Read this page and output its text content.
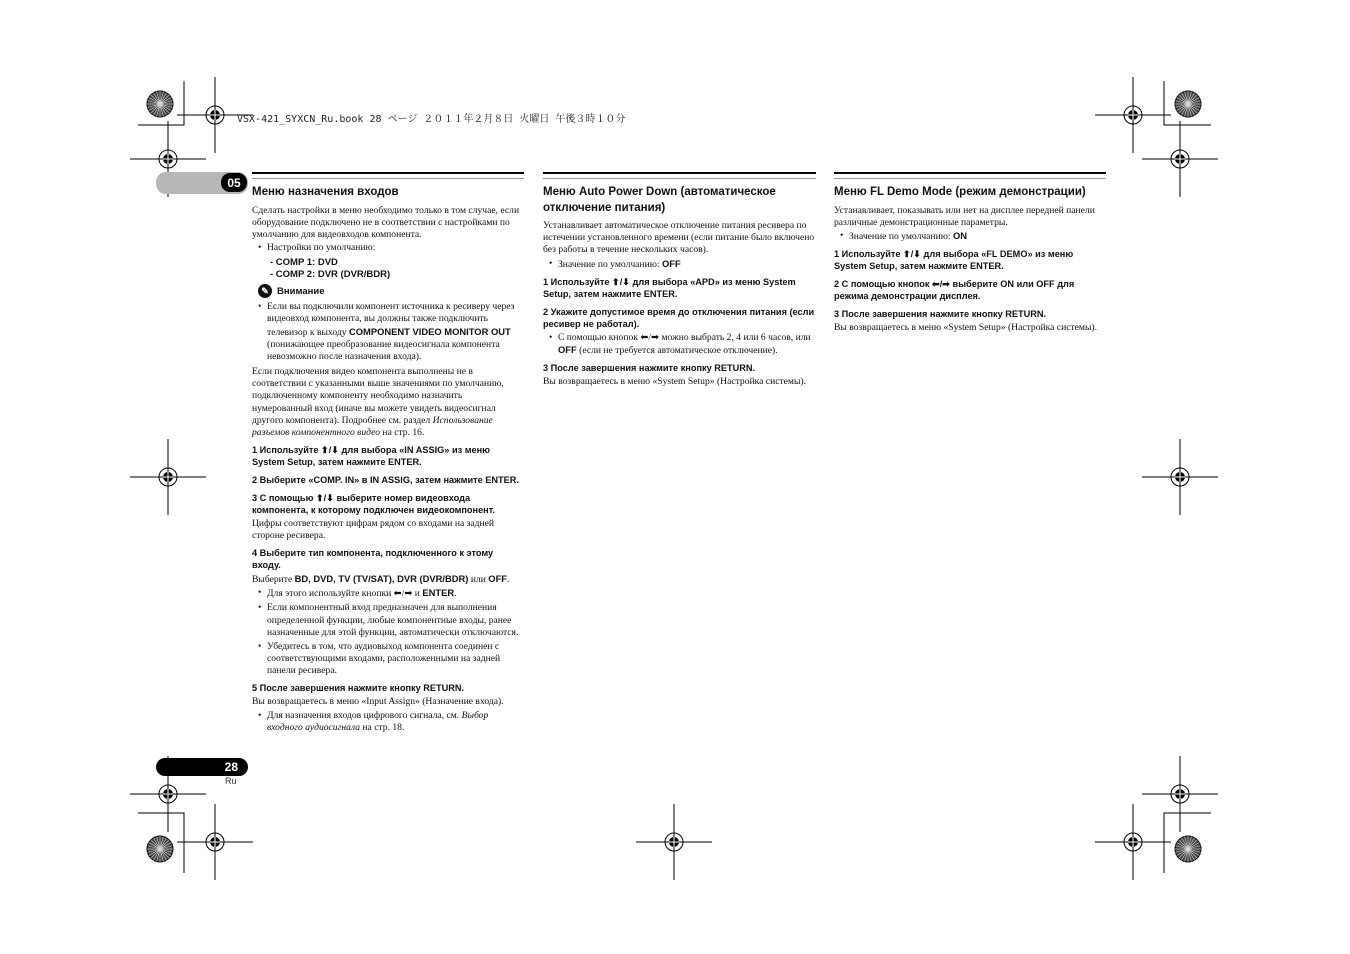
VSX-421_SYXCN_Ru.book 28 ページ ２０１１年２月８日 火曜日 午後３時１０分
05
Меню назначения входов

Сделать настройки в меню необходимо только в том случае, если оборудование подключено не в соответствии с настройками по умолчанию для видеовходов компонента.

• Настройки по умолчанию:
- COMP 1: DVD
- COMP 2: DVR (DVR/BDR)
✎ Внимание
• Если вы подключили компонент источника к ресиверу через видеовход компонента, вы должны также подключить телевизор к выходу COMPONENT VIDEO MONITOR OUT (понижающее преобразование видеосигнала компонента невозможно после назначения входа).

Если подключения видео компонента выполнены не в соответствии с указанными выше значениями по умолчанию, подключенному компоненту необходимо назначить нумерованный вход (иначе вы можете увидеть видеосигнал другого компонента). Подробнее см. раздел Использование разъемов компонентного видео на стр. 16.

1 Используйте ⬆/⬇ для выбора «IN ASSIG» из меню System Setup, затем нажмите ENTER.
2 Выберите «COMP. IN» в IN ASSIG, затем нажмите ENTER.
3 С помощью ⬆/⬇ выберите номер видеовхода компонента, к которому подключен видеокомпонент.

Цифры соответствуют цифрам рядом со входами на задней стороне ресивера.

4 Выберите тип компонента, подключенного к этому входу.

Выберите BD, DVD, TV (TV/SAT), DVR (DVR/BDR) или OFF.

• Для этого используйте кнопки ⬅/➡ и ENTER.
• Если компонентный вход предназначен для выполнения определенной функции, любые компонентные входы, ранее назначенные для этой функции, автоматически отключаются.
• Убедитесь в том, что аудиовыход компонента соединен с соответствующими входами, расположенными на задней панели ресивера.
5 После завершения нажмите кнопку RETURN.

Вы возвращаетесь в меню «Input Assign» (Назначение входа).

• Для назначения входов цифрового сигнала, см. Выбор входного аудиосигнала на стр. 18.
Меню Auto Power Down (автоматическое отключение питания)

Устанавливает автоматическое отключение питания ресивера по истечении установленного времени (если питание было включено без работы в течение нескольких часов).

• Значение по умолчанию: OFF
1 Используйте ⬆/⬇ для выбора «APD» из меню System Setup, затем нажмите ENTER.
2 Укажите допустимое время до отключения питания (если ресивер не работал).
• С помощью кнопок ⬅/➡ можно выбрать 2, 4 или 6 часов, или OFF (если не требуется автоматическое отключение).
3 После завершения нажмите кнопку RETURN.

Вы возвращаетесь в меню «System Setup» (Настройка системы).

Меню FL Demo Mode (режим демонстрации)

Устанавливает, показывать или нет на дисплее передней панели различные демонстрационные параметры.

• Значение по умолчанию: ON
1 Используйте ⬆/⬇ для выбора «FL DEMO» из меню System Setup, затем нажмите ENTER.
2 С помощью кнопок ⬅/➡ выберите ON или OFF для режима демонстрации дисплея.
3 После завершения нажмите кнопку RETURN.

Вы возвращаетесь в меню «System Setup» (Настройка системы).

28
Ru
